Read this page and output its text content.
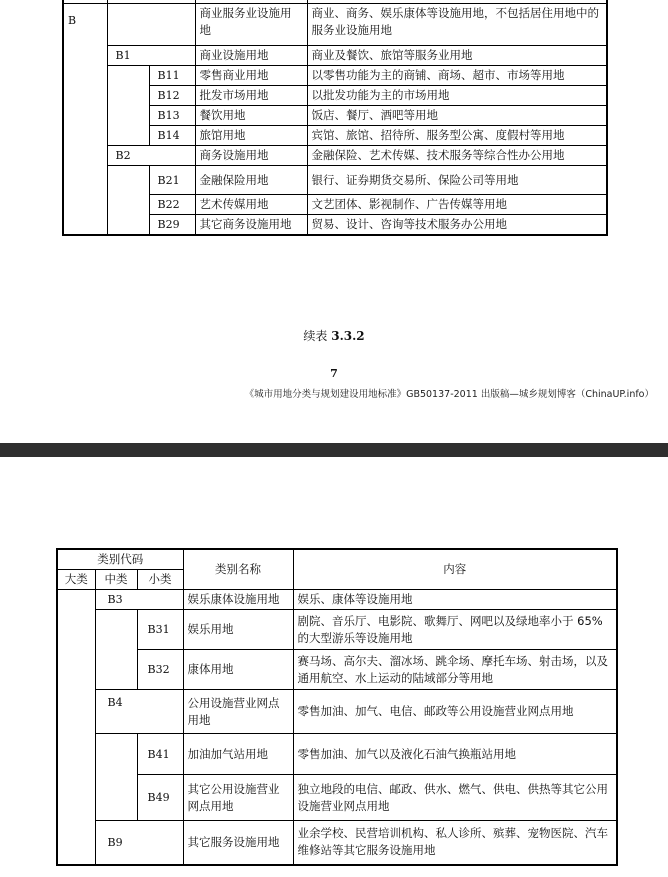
B			商业服务业设施用地	商业、商务、娱乐康体等设施用地，不包括居住用地中的服务业设施用地
	B1		商业设施用地	商业及餐饮、旅馆等服务业用地
		B11	零售商业用地	以零售功能为主的商铺、商场、超市、市场等用地
		B12	批发市场用地	以批发功能为主的市场用地
		B13	餐饮用地	饭店、餐厅、酒吧等用地
		B14	旅馆用地	宾馆、旅馆、招待所、服务型公寓、度假村等用地
	B2		商务设施用地	金融保险、艺术传媒、技术服务等综合性办公用地
		B21	金融保险用地	银行、证券期货交易所、保险公司等用地
		B22	艺术传媒用地	文艺团体、影视制作、广告传媒等用地
		B29	其它商务设施用地	贸易、设计、咨询等技术服务办公用地
续表 3.3.2
7
《城市用地分类与规划建设用地标准》GB50137-2011 出版稿—城乡规划博客（ChinaUP.info）
类别代码			类别名称	内容
大类	中类	小类		
	B3		娱乐康体设施用地	娱乐、康体等设施用地
		B31	娱乐用地	剧院、音乐厅、电影院、歌舞厅、网吧以及绿地率小于 65%的大型游乐等设施用地
		B32	康体用地	赛马场、高尔夫、溜冰场、跳伞场、摩托车场、射击场，以及通用航空、水上运动的陆域部分等用地
	B4		公用设施营业网点用地	零售加油、加气、电信、邮政等公用设施营业网点用地
		B41	加油加气站用地	零售加油、加气以及液化石油气换瓶站用地
		B49	其它公用设施营业网点用地	独立地段的电信、邮政、供水、燃气、供电、供热等其它公用设施营业网点用地
	B9		其它服务设施用地	业余学校、民营培训机构、私人诊所、殡葬、宠物医院、汽车维修站等其它服务设施用地
